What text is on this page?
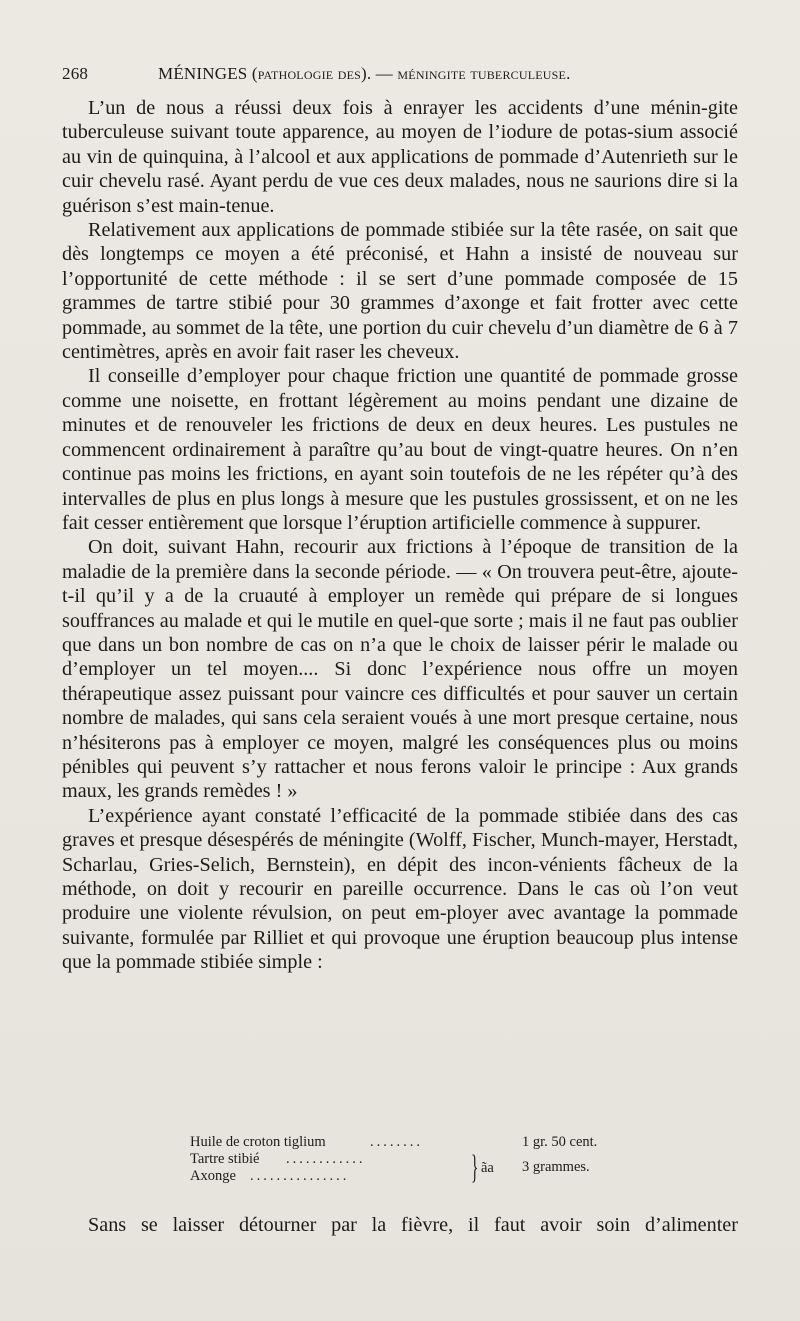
268	MÉNINGES (pathologie des). — méningite tuberculeuse.

L’un de nous a réussi deux fois à enrayer les accidents d’une ménin-gite tuberculeuse suivant toute apparence, au moyen de l’iodure de potas-sium associé au vin de quinquina, à l’alcool et aux applications de pommade d’Autenrieth sur le cuir chevelu rasé. Ayant perdu de vue ces deux malades, nous ne saurions dire si la guérison s’est main-tenue.

Relativement aux applications de pommade stibiée sur la tête rasée, on sait que dès longtemps ce moyen a été préconisé, et Hahn a insisté de nouveau sur l’opportunité de cette méthode : il se sert d’une pommade composée de 15 grammes de tartre stibié pour 30 grammes d’axonge et fait frotter avec cette pommade, au sommet de la tête, une portion du cuir chevelu d’un diamètre de 6 à 7 centimètres, après en avoir fait raser les cheveux.

Il conseille d’employer pour chaque friction une quantité de pommade grosse comme une noisette, en frottant légèrement au moins pendant une dizaine de minutes et de renouveler les frictions de deux en deux heures. Les pustules ne commencent ordinairement à paraître qu’au bout de vingt-quatre heures. On n’en continue pas moins les frictions, en ayant soin toutefois de ne les répéter qu’à des intervalles de plus en plus longs à mesure que les pustules grossissent, et on ne les fait cesser entièrement que lorsque l’éruption artificielle commence à suppurer.

On doit, suivant Hahn, recourir aux frictions à l’époque de transition de la maladie de la première dans la seconde période. — « On trouvera peut-être, ajoute-t-il qu’il y a de la cruauté à employer un remède qui prépare de si longues souffrances au malade et qui le mutile en quel-que sorte ; mais il ne faut pas oublier que dans un bon nombre de cas on n’a que le choix de laisser périr le malade ou d’employer un tel moyen.... Si donc l’expérience nous offre un moyen thérapeutique assez puissant pour vaincre ces difficultés et pour sauver un certain nombre de malades, qui sans cela seraient voués à une mort presque certaine, nous n’hésiterons pas à employer ce moyen, malgré les conséquences plus ou moins pénibles qui peuvent s’y rattacher et nous ferons valoir le principe : Aux grands maux, les grands remèdes ! »

L’expérience ayant constaté l’efficacité de la pommade stibiée dans des cas graves et presque désespérés de méningite (Wolff, Fischer, Munch-mayer, Herstadt, Scharlau, Gries-Selich, Bernstein), en dépit des incon-vénients fâcheux de la méthode, on doit y recourir en pareille occurrence. Dans le cas où l’on veut produire une violente révulsion, on peut em-ployer avec avantage la pommade suivante, formulée par Rilliet et qui provoque une éruption beaucoup plus intense que la pommade stibiée simple :

Huile de croton tiglium	........	1 gr. 50 cent.
Tartre stibié ............
Axonge ...............	} ãa 3 grammes.
Sans se laisser détourner par la fièvre, il faut avoir soin d’alimenter
